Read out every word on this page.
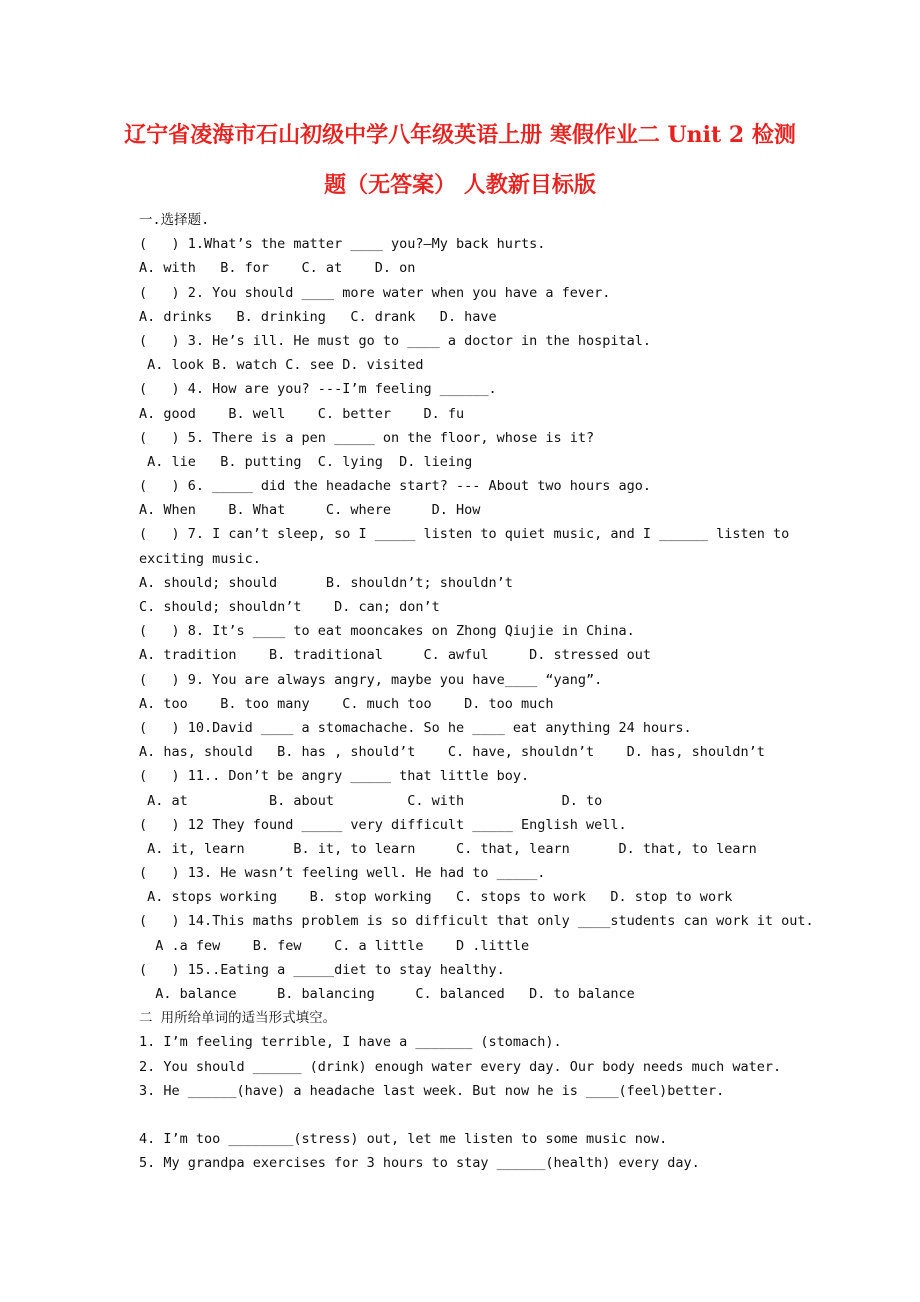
辽宁省凌海市石山初级中学八年级英语上册 寒假作业二 Unit 2 检测
题（无答案） 人教新目标版
一.选择题.
(   ) 1.What’s the matter ____ you?—My back hurts.
A. with   B. for    C. at    D. on
(   ) 2. You should ____ more water when you have a fever.
A. drinks   B. drinking   C. drank   D. have
(   ) 3. He’s ill. He must go to ____ a doctor in the hospital.
A. look B. watch C. see D. visited
(   ) 4. How are you? ---I’m feeling ______.
A. good    B. well    C. better    D. fu
(   ) 5. There is a pen _____ on the floor, whose is it?
A. lie   B. putting  C. lying  D. lieing
(   ) 6. _____ did the headache start? --- About two hours ago.
A. When    B. What     C. where     D. How
(   ) 7. I can’t sleep, so I _____ listen to quiet music, and I ______ listen to
exciting music.
A. should; should      B. shouldn’t; shouldn’t
C. should; shouldn’t    D. can; don’t
(   ) 8. It’s ____ to eat mooncakes on Zhong Qiujie in China.
A. tradition    B. traditional     C. awful     D. stressed out
(   ) 9. You are always angry, maybe you have____ “yang”.
A. too    B. too many    C. much too    D. too much
(   ) 10.David ____ a stomachache. So he ____ eat anything 24 hours.
A. has, should   B. has , should’t    C. have, shouldn’t    D. has, shouldn’t
(   ) 11.. Don’t be angry _____ that little boy.
A. at          B. about         C. with            D. to
(   ) 12 They found _____ very difficult _____ English well.
A. it, learn      B. it, to learn     C. that, learn      D. that, to learn
(   ) 13. He wasn’t feeling well. He had to _____.
A. stops working    B. stop working   C. stops to work   D. stop to work
(   ) 14.This maths problem is so difficult that only ____students can work it out.
A .a few    B. few    C. a little    D .little
(   ) 15..Eating a _____diet to stay healthy.
A. balance     B. balancing     C. balanced   D. to balance
二 用所给单词的适当形式填空。
1. I’m feeling terrible, I have a _______ (stomach).
2. You should ______ (drink) enough water every day. Our body needs much water.
3. He ______(have) a headache last week. But now he is ____(feel)better.
4. I’m too ________(stress) out, let me listen to some music now.
5. My grandpa exercises for 3 hours to stay ______(health) every day.
